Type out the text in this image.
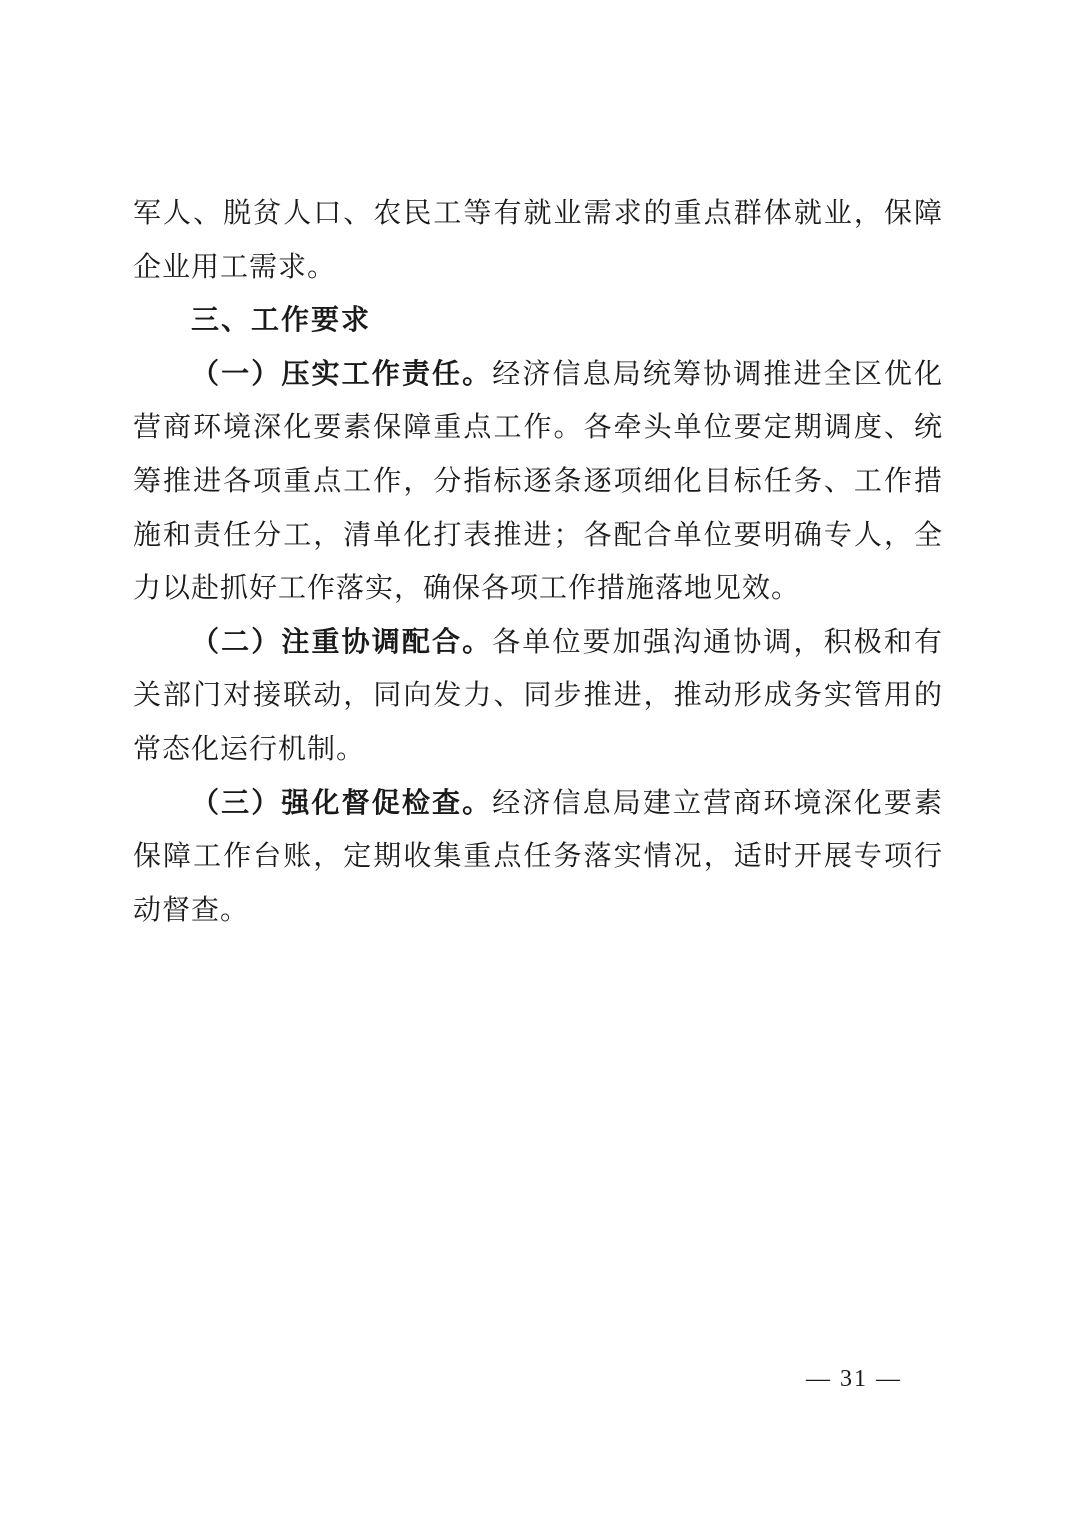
军人、脱贫人口、农民工等有就业需求的重点群体就业，保障企业用工需求。

三、工作要求

（一）压实工作责任。经济信息局统筹协调推进全区优化营商环境深化要素保障重点工作。各牵头单位要定期调度、统筹推进各项重点工作，分指标逐条逐项细化目标任务、工作措施和责任分工，清单化打表推进；各配合单位要明确专人，全力以赴抓好工作落实，确保各项工作措施落地见效。

（二）注重协调配合。各单位要加强沟通协调，积极和有关部门对接联动，同向发力、同步推进，推动形成务实管用的常态化运行机制。

（三）强化督促检查。经济信息局建立营商环境深化要素保障工作台账，定期收集重点任务落实情况，适时开展专项行动督查。

— 31 —
